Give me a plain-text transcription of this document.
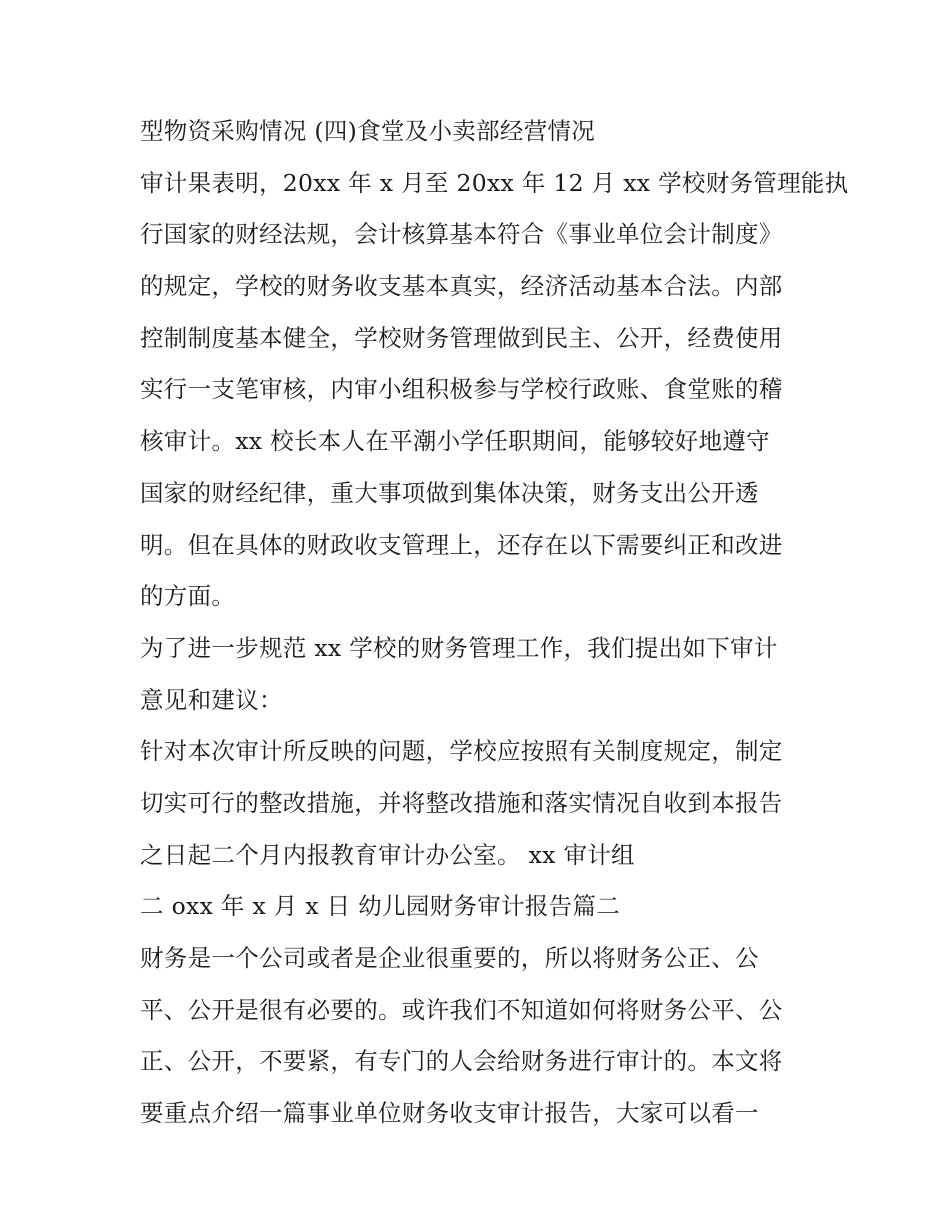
型物资采购情况 (四)食堂及小卖部经营情况
审计果表明，20xx 年 x 月至 20xx 年 12 月 xx 学校财务管理能执
行国家的财经法规，会计核算基本符合《事业单位会计制度》
的规定，学校的财务收支基本真实，经济活动基本合法。内部
控制制度基本健全，学校财务管理做到民主、公开，经费使用
实行一支笔审核，内审小组积极参与学校行政账、食堂账的稽
核审计。xx 校长本人在平潮小学任职期间，能够较好地遵守
国家的财经纪律，重大事项做到集体决策，财务支出公开透
明。但在具体的财政收支管理上，还存在以下需要纠正和改进
的方面。
为了进一步规范 xx 学校的财务管理工作，我们提出如下审计
意见和建议：
针对本次审计所反映的问题，学校应按照有关制度规定，制定
切实可行的整改措施，并将整改措施和落实情况自收到本报告
之日起二个月内报教育审计办公室。 xx 审计组
二 oxx 年 x 月 x 日 幼儿园财务审计报告篇二
财务是一个公司或者是企业很重要的，所以将财务公正、公
平、公开是很有必要的。或许我们不知道如何将财务公平、公
正、公开，不要紧，有专门的人会给财务进行审计的。本文将
要重点介绍一篇事业单位财务收支审计报告，大家可以看一
